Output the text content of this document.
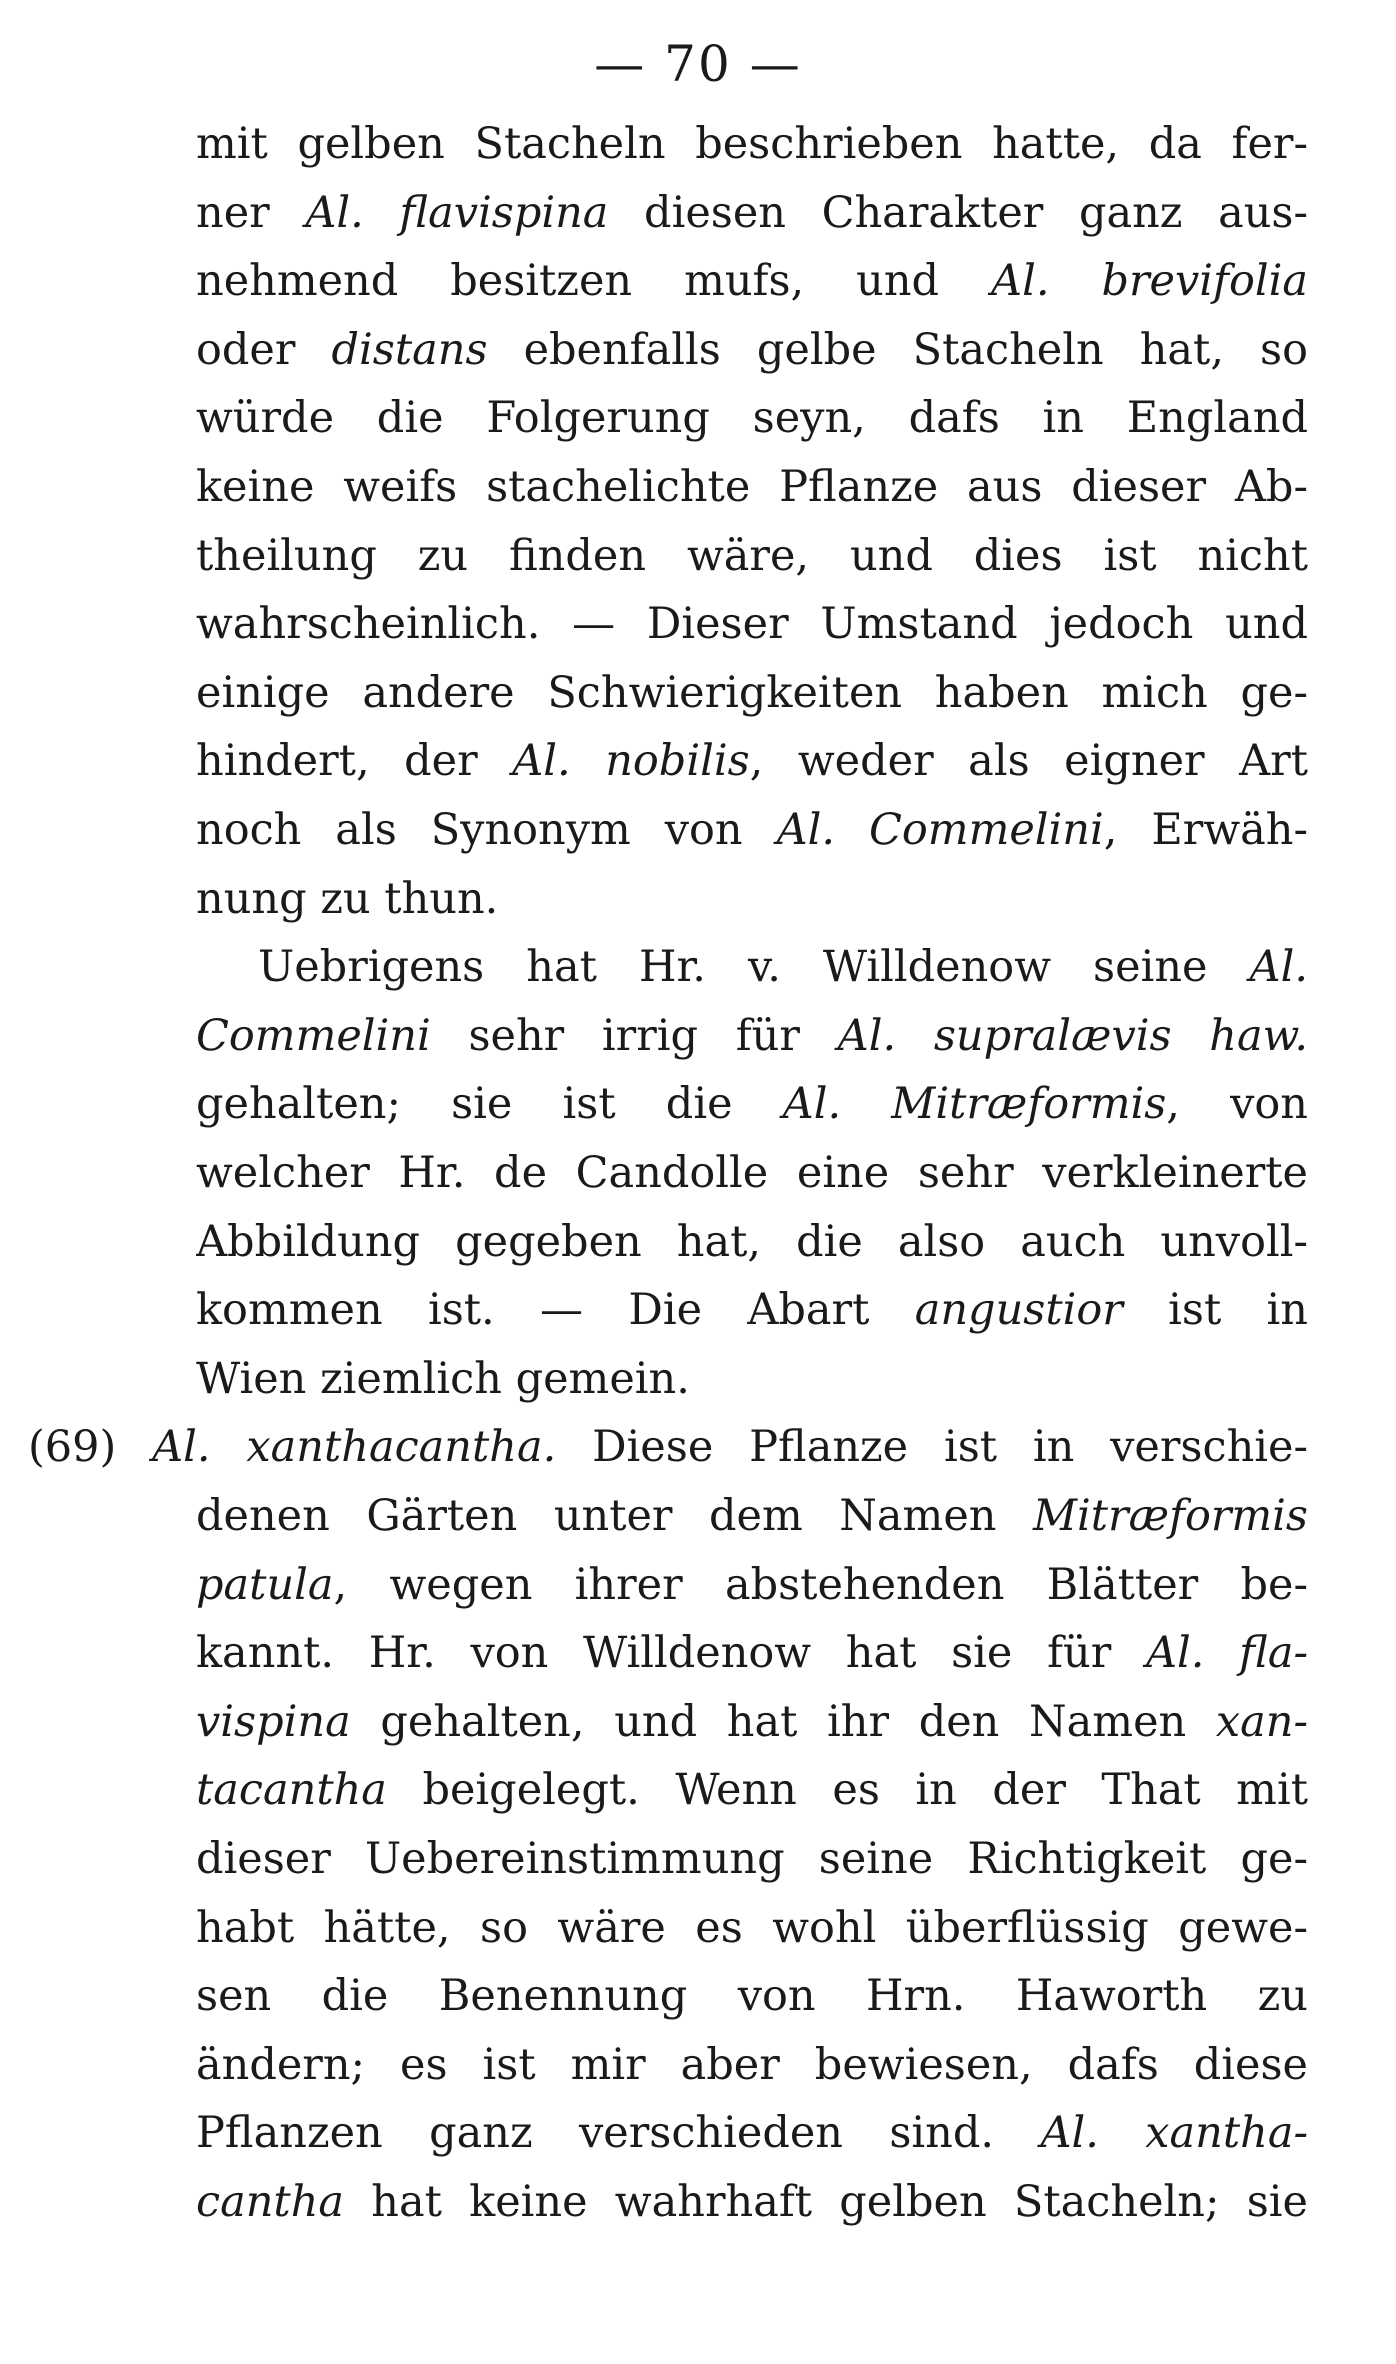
— 70 —
mit gelben Stacheln beschrieben hatte, da fer-
ner Al. flavispina diesen Charakter ganz aus-
nehmend besitzen mufs, und Al. brevifolia
oder distans ebenfalls gelbe Stacheln hat, so
würde die Folgerung seyn, dafs in England
keine weifs stachelichte Pflanze aus dieser Ab-
theilung zu finden wäre, und dies ist nicht
wahrscheinlich. — Dieser Umstand jedoch und
einige andere Schwierigkeiten haben mich ge-
hindert, der Al. nobilis, weder als eigner Art
noch als Synonym von Al. Commelini, Erwäh-
nung zu thun.
Uebrigens hat Hr. v. Willdenow seine Al.
Commelini sehr irrig für Al. supralævis haw.
gehalten; sie ist die Al. Mitræformis, von
welcher Hr. de Candolle eine sehr verkleinerte
Abbildung gegeben hat, die also auch unvoll-
kommen ist. — Die Abart angustior ist in
Wien ziemlich gemein.
(69) Al. xanthacantha. Diese Pflanze ist in verschie-
denen Gärten unter dem Namen Mitræformis
patula, wegen ihrer abstehenden Blätter be-
kannt. Hr. von Willdenow hat sie für Al. fla-
vispina gehalten, und hat ihr den Namen xan-
tacantha beigelegt. Wenn es in der That mit
dieser Uebereinstimmung seine Richtigkeit ge-
habt hätte, so wäre es wohl überflüssig gewe-
sen die Benennung von Hrn. Haworth zu
ändern; es ist mir aber bewiesen, dafs diese
Pflanzen ganz verschieden sind. Al. xantha-
cantha hat keine wahrhaft gelben Stacheln; sie
